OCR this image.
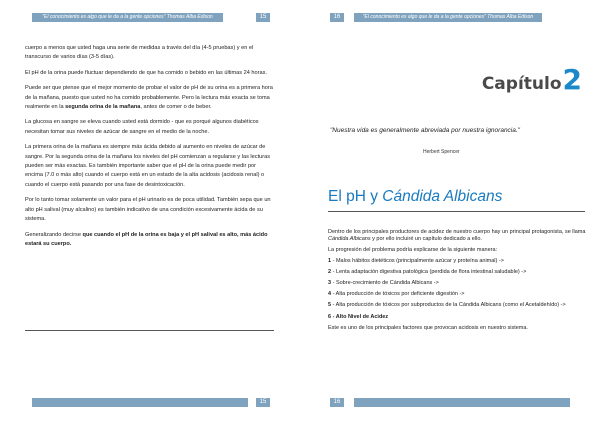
"El conocimiento es algo que le da a la gente opciones" Thomas Alba Edison	15

cuerpo a menos que usted haga una serie de medidas a través del día (4-5 pruebas) y en el transcurso de varios días (3-5 días).

El pH de la orina puede fluctuar dependiendo de que ha comido o bebido en las últimas 24 horas.

Puede ser que piense que el mejor momento de probar el valor de pH de su orina es a primera hora de la mañana, puesto que usted no ha comido probablemente. Pero la lectura más exacta se toma realmente en la segunda orina de la mañana, antes de comer o de beber.

La glucosa en sangre se eleva cuando usted está dormido - que es porqué algunos diabéticos necesitan tomar sus niveles de azúcar de sangre en el medio de la noche.

La primera orina de la mañana es siempre más ácida debido al aumento en niveles de azúcar de sangre. Por la segunda orina de la mañana los niveles del pH comienzan a regularse y las lecturas pueden ser más exactas. Es también importante saber que el pH de la orina puede medir por encima (7.0 o más alto) cuando el cuerpo está en un estado de la alta acidosis (acidosis renal) o cuando el cuerpo está pasando por una fase de desintoxicación.

Por lo tanto tomar solamente un valor para el pH urinario es de poca utilidad. También sepa que un alto pH salival (muy alcalino) es también indicativo de una condición excesivamente ácida de su sistema.

Generalizando decirse que cuando el pH de la orina es baja y el pH salival es alto, más ácido estará su cuerpo.

15
16	"El conocimiento es algo que le da a la gente opciones" Thomas Alba Edison
Capítulo2
16
"Nuestra vida es generalmente abreviada por nuestra ignorancia."
Herbert Spencer
El pH y Cándida Albicans

Dentro de los principales productores de acidez de nuestro cuerpo hay un principal protagonista, se llama Cándida Albicans y por ello incluiré un capítulo dedicado a ello.

La progresión del problema podría explicarse de la siguiente manera:

1 - Malos hábitos dietéticos (principalmente azúcar y proteína animal) ->
2 - Lenta adaptación digestiva patológica (perdida de flora intestinal saludable) ->
3 - Sobre-crecimiento de Cándida Albicans ->
4 - Alta producción de tóxicos por deficiente digestión ->
5 - Alta producción de tóxicos por subproductos de la Cándida Albicans (como el Acetaldehído) ->
6 - Alto Nivel de Acidez

Este es uno de los principales factores que provocan acidosis en nuestro sistema.
